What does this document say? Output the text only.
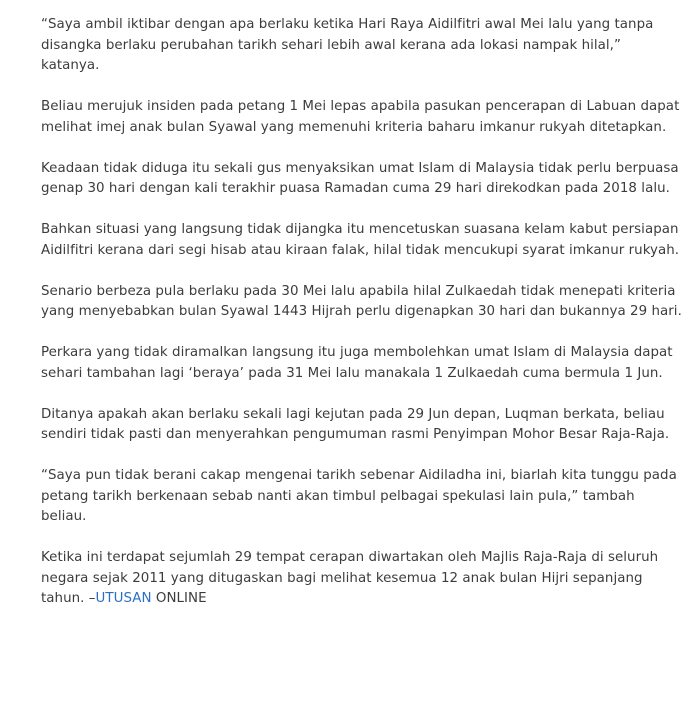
“Saya ambil iktibar dengan apa berlaku ketika Hari Raya Aidilfitri awal Mei lalu yang tanpa disangka berlaku perubahan tarikh sehari lebih awal kerana ada lokasi nampak hilal,” katanya.

Beliau merujuk insiden pada petang 1 Mei lepas apabila pasukan pencerapan di Labuan dapat melihat imej anak bulan Syawal yang memenuhi kriteria baharu imkanur rukyah ditetapkan.

Keadaan tidak diduga itu sekali gus menyaksikan umat Islam di Malaysia tidak perlu berpuasa genap 30 hari dengan kali terakhir puasa Ramadan cuma 29 hari direkodkan pada 2018 lalu.

Bahkan situasi yang langsung tidak dijangka itu mencetuskan suasana kelam kabut persiapan Aidilfitri kerana dari segi hisab atau kiraan falak, hilal tidak mencukupi syarat imkanur rukyah.

Senario berbeza pula berlaku pada 30 Mei lalu apabila hilal Zulkaedah tidak menepati kriteria yang menyebabkan bulan Syawal 1443 Hijrah perlu digenapkan 30 hari dan bukannya 29 hari.

Perkara yang tidak diramalkan langsung itu juga membolehkan umat Islam di Malaysia dapat sehari tambahan lagi ‘beraya’ pada 31 Mei lalu manakala 1 Zulkaedah cuma bermula 1 Jun.

Ditanya apakah akan berlaku sekali lagi kejutan pada 29 Jun depan, Luqman berkata, beliau sendiri tidak pasti dan menyerahkan pengumuman rasmi Penyimpan Mohor Besar Raja-Raja.

“Saya pun tidak berani cakap mengenai tarikh sebenar Aidiladha ini, biarlah kita tunggu pada petang tarikh berkenaan sebab nanti akan timbul pelbagai spekulasi lain pula,” tambah beliau.

Ketika ini terdapat sejumlah 29 tempat cerapan diwartakan oleh Majlis Raja-Raja di seluruh negara sejak 2011 yang ditugaskan bagi melihat kesemua 12 anak bulan Hijri sepanjang tahun. –UTUSAN ONLINE
